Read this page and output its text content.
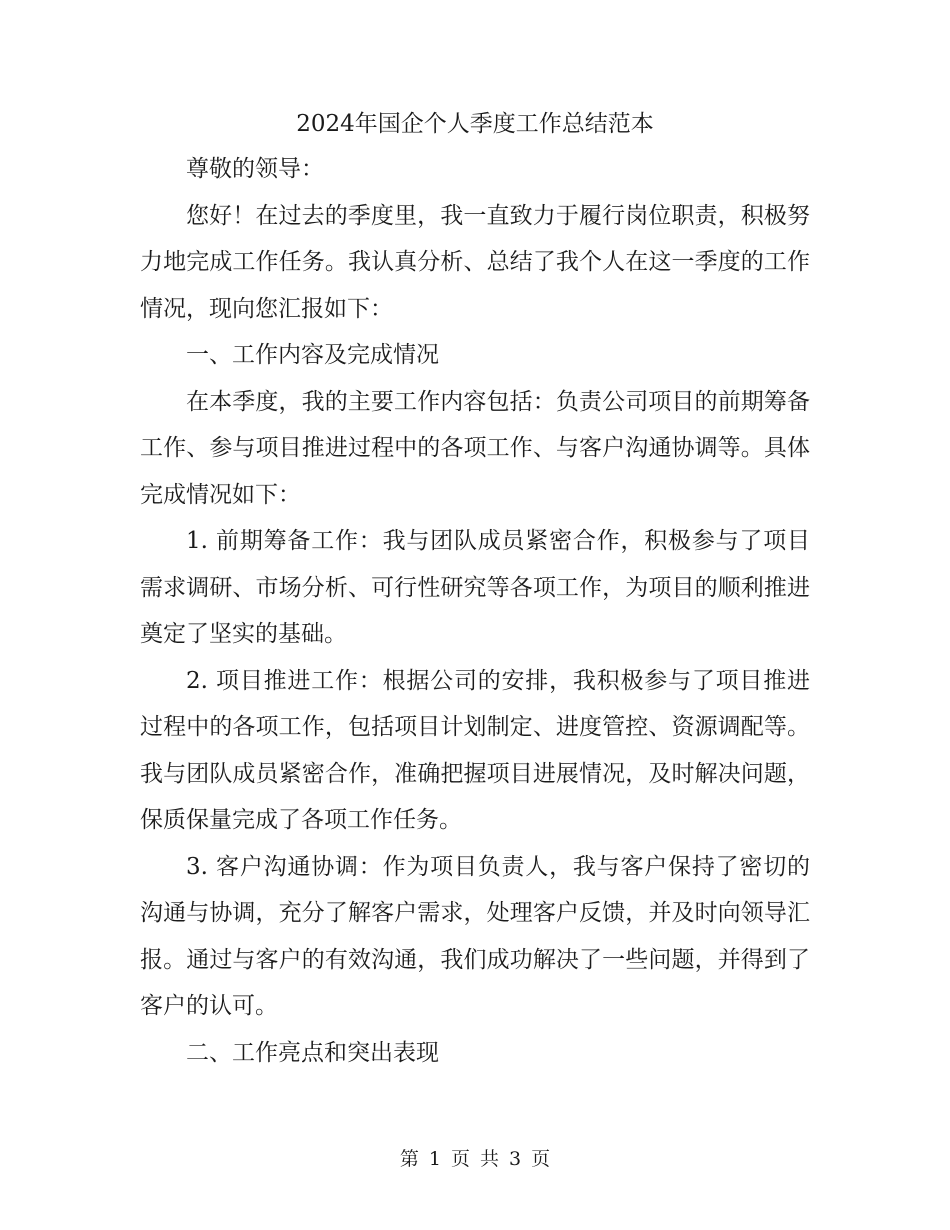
2024年国企个人季度工作总结范本

尊敬的领导：

您好！在过去的季度里，我一直致力于履行岗位职责，积极努力地完成工作任务。我认真分析、总结了我个人在这一季度的工作情况，现向您汇报如下：

一、工作内容及完成情况

在本季度，我的主要工作内容包括：负责公司项目的前期筹备工作、参与项目推进过程中的各项工作、与客户沟通协调等。具体完成情况如下：

1. 前期筹备工作：我与团队成员紧密合作，积极参与了项目需求调研、市场分析、可行性研究等各项工作，为项目的顺利推进奠定了坚实的基础。

2. 项目推进工作：根据公司的安排，我积极参与了项目推进过程中的各项工作，包括项目计划制定、进度管控、资源调配等。我与团队成员紧密合作，准确把握项目进展情况，及时解决问题，保质保量完成了各项工作任务。

3. 客户沟通协调：作为项目负责人，我与客户保持了密切的沟通与协调，充分了解客户需求，处理客户反馈，并及时向领导汇报。通过与客户的有效沟通，我们成功解决了一些问题，并得到了客户的认可。

二、工作亮点和突出表现

第 1 页 共 3 页
